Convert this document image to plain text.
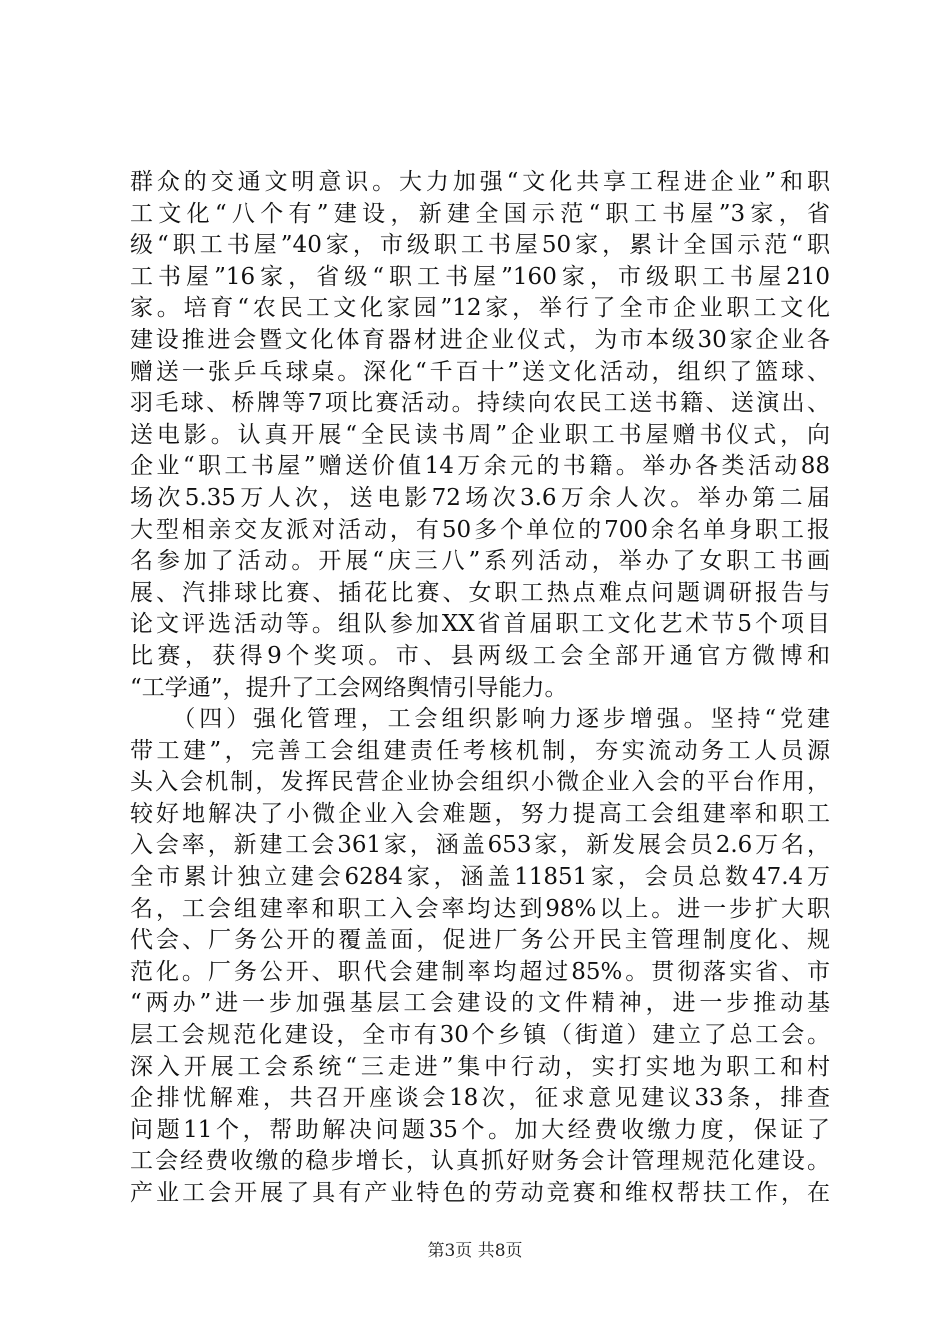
群众的交通文明意识。大力加强“文化共享工程进企业”和职
工文化“八个有”建设，新建全国示范“职工书屋”3家，省
级“职工书屋”40家，市级职工书屋50家，累计全国示范“职
工书屋”16家，省级“职工书屋”160家，市级职工书屋210
家。培育“农民工文化家园”12家，举行了全市企业职工文化
建设推进会暨文化体育器材进企业仪式，为市本级30家企业各
赠送一张乒乓球桌。深化“千百十”送文化活动，组织了篮球、
羽毛球、桥牌等7项比赛活动。持续向农民工送书籍、送演出、
送电影。认真开展“全民读书周”企业职工书屋赠书仪式，向
企业“职工书屋”赠送价值14万余元的书籍。举办各类活动88
场次5.35万人次，送电影72场次3.6万余人次。举办第二届
大型相亲交友派对活动，有50多个单位的700余名单身职工报
名参加了活动。开展“庆三八”系列活动，举办了女职工书画
展、汽排球比赛、插花比赛、女职工热点难点问题调研报告与
论文评选活动等。组队参加XX省首届职工文化艺术节5个项目
比赛，获得9个奖项。市、县两级工会全部开通官方微博和
“工学通”，提升了工会网络舆情引导能力。
　　（四）强化管理，工会组织影响力逐步增强。坚持“党建
带工建”，完善工会组建责任考核机制，夯实流动务工人员源
头入会机制，发挥民营企业协会组织小微企业入会的平台作用，
较好地解决了小微企业入会难题，努力提高工会组建率和职工
入会率，新建工会361家，涵盖653家，新发展会员2.6万名，
全市累计独立建会6284家，涵盖11851家，会员总数47.4万
名，工会组建率和职工入会率均达到98%以上。进一步扩大职
代会、厂务公开的覆盖面，促进厂务公开民主管理制度化、规
范化。厂务公开、职代会建制率均超过85%。贯彻落实省、市
“两办”进一步加强基层工会建设的文件精神，进一步推动基
层工会规范化建设，全市有30个乡镇（街道）建立了总工会。
深入开展工会系统“三走进”集中行动，实打实地为职工和村
企排忧解难，共召开座谈会18次，征求意见建议33条，排查
问题11个，帮助解决问题35个。加大经费收缴力度，保证了
工会经费收缴的稳步增长，认真抓好财务会计管理规范化建设。
产业工会开展了具有产业特色的劳动竞赛和维权帮扶工作，在
第3页 共8页
